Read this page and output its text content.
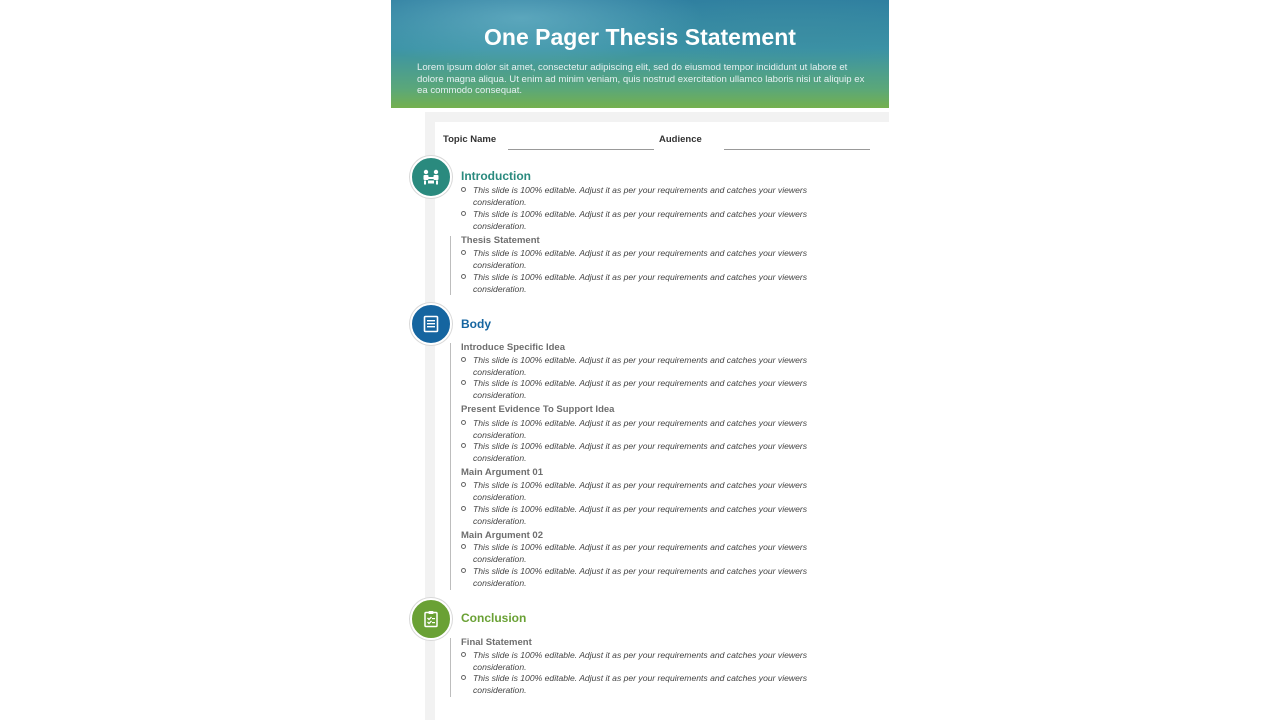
One Pager Thesis Statement
Lorem ipsum dolor sit amet, consectetur adipiscing elit, sed do eiusmod tempor incididunt ut labore et dolore magna aliqua. Ut enim ad minim veniam, quis nostrud exercitation ullamco laboris nisi ut aliquip ex ea commodo consequat.
Topic Name	Audience
Introduction
This slide is 100% editable. Adjust it as per your requirements and catches your viewers consideration.
This slide is 100% editable. Adjust it as per your requirements and catches your viewers consideration.
Thesis Statement
This slide is 100% editable. Adjust it as per your requirements and catches your viewers consideration.
This slide is 100% editable. Adjust it as per your requirements and catches your viewers consideration.
Body
Introduce Specific Idea
This slide is 100% editable. Adjust it as per your requirements and catches your viewers consideration.
This slide is 100% editable. Adjust it as per your requirements and catches your viewers consideration.
Present Evidence To Support Idea
This slide is 100% editable. Adjust it as per your requirements and catches your viewers consideration.
This slide is 100% editable. Adjust it as per your requirements and catches your viewers consideration.
Main Argument 01
This slide is 100% editable. Adjust it as per your requirements and catches your viewers consideration.
This slide is 100% editable. Adjust it as per your requirements and catches your viewers consideration.
Main Argument 02
This slide is 100% editable. Adjust it as per your requirements and catches your viewers consideration.
This slide is 100% editable. Adjust it as per your requirements and catches your viewers consideration.
Conclusion
Final Statement
This slide is 100% editable. Adjust it as per your requirements and catches your viewers consideration.
This slide is 100% editable. Adjust it as per your requirements and catches your viewers consideration.
